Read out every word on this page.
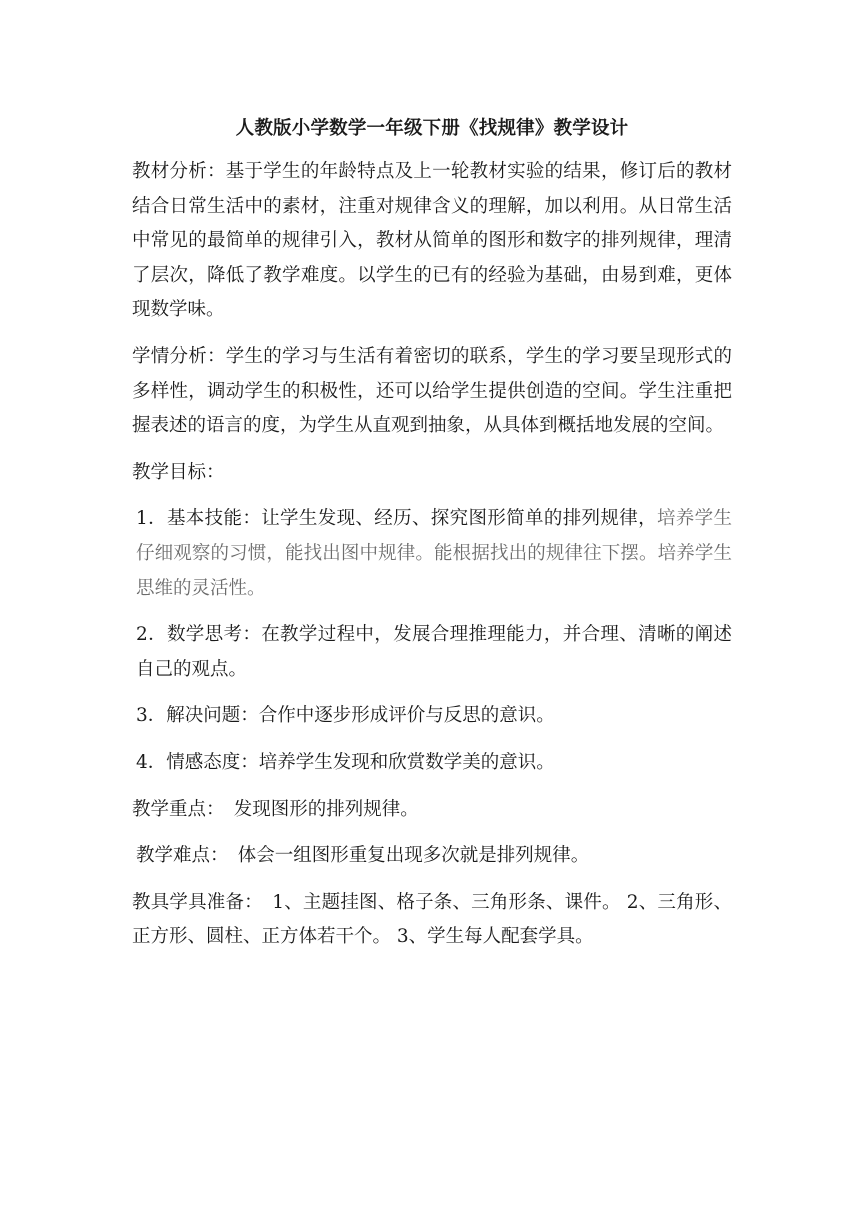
人教版小学数学一年级下册《找规律》教学设计

教材分析：基于学生的年龄特点及上一轮教材实验的结果，修订后的教材结合日常生活中的素材，注重对规律含义的理解，加以利用。从日常生活中常见的最简单的规律引入，教材从简单的图形和数字的排列规律，理清了层次，降低了教学难度。以学生的已有的经验为基础，由易到难，更体现数学味。

学情分析：学生的学习与生活有着密切的联系，学生的学习要呈现形式的多样性，调动学生的积极性，还可以给学生提供创造的空间。学生注重把握表述的语言的度，为学生从直观到抽象，从具体到概括地发展的空间。

教学目标：

1．基本技能：让学生发现、经历、探究图形简单的排列规律，培养学生仔细观察的习惯，能找出图中规律。能根据找出的规律往下摆。培养学生思维的灵活性。

2．数学思考：在教学过程中，发展合理推理能力，并合理、清晰的阐述自己的观点。

3．解决问题：合作中逐步形成评价与反思的意识。

4．情感态度：培养学生发现和欣赏数学美的意识。

教学重点：　发现图形的排列规律。

教学难点：　体会一组图形重复出现多次就是排列规律。

教具学具准备：　1、主题挂图、格子条、三角形条、课件。 2、三角形、正方形、圆柱、正方体若干个。 3、学生每人配套学具。
